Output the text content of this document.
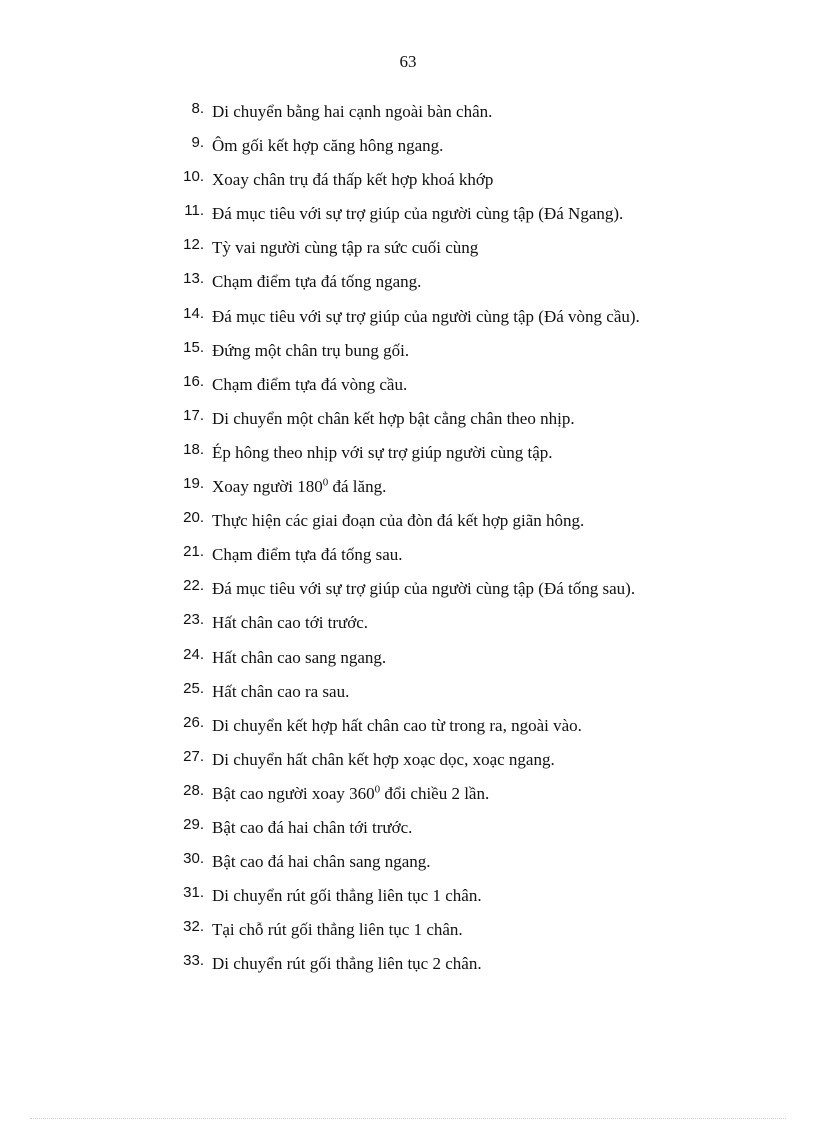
63
8. Di chuyển bằng hai cạnh ngoài bàn chân.
9. Ôm gối kết hợp căng hông ngang.
10. Xoay chân trụ đá thấp kết hợp khoá khớp
11. Đá mục tiêu với sự trợ giúp của người cùng tập (Đá Ngang).
12. Tỳ vai người cùng tập ra sức cuối cùng
13. Chạm điểm tựa đá tống ngang.
14. Đá mục tiêu với sự trợ giúp của người cùng tập (Đá vòng cầu).
15. Đứng một chân trụ bung gối.
16. Chạm điểm tựa đá vòng cầu.
17. Di chuyển một chân kết hợp bật cẳng chân theo nhịp.
18. Ép hông theo nhịp với sự trợ giúp người cùng tập.
19. Xoay người $180^0$ đá lăng.
20. Thực hiện các giai đoạn của đòn đá kết hợp giãn hông.
21. Chạm điểm tựa đá tống sau.
22. Đá mục tiêu với sự trợ giúp của người cùng tập (Đá tống sau).
23. Hất chân cao tới trước.
24. Hất chân cao sang ngang.
25. Hất chân cao ra sau.
26. Di chuyển kết hợp hất chân cao từ trong ra, ngoài vào.
27. Di chuyển hất chân kết hợp xoạc dọc, xoạc ngang.
28. Bật cao người xoay $360^0$ đổi chiều 2 lần.
29. Bật cao đá hai chân tới trước.
30. Bật cao đá hai chân sang ngang.
31. Di chuyển rút gối thẳng liên tục 1 chân.
32. Tại chỗ rút gối thẳng liên tục 1 chân.
33. Di chuyển rút gối thẳng liên tục 2 chân.
